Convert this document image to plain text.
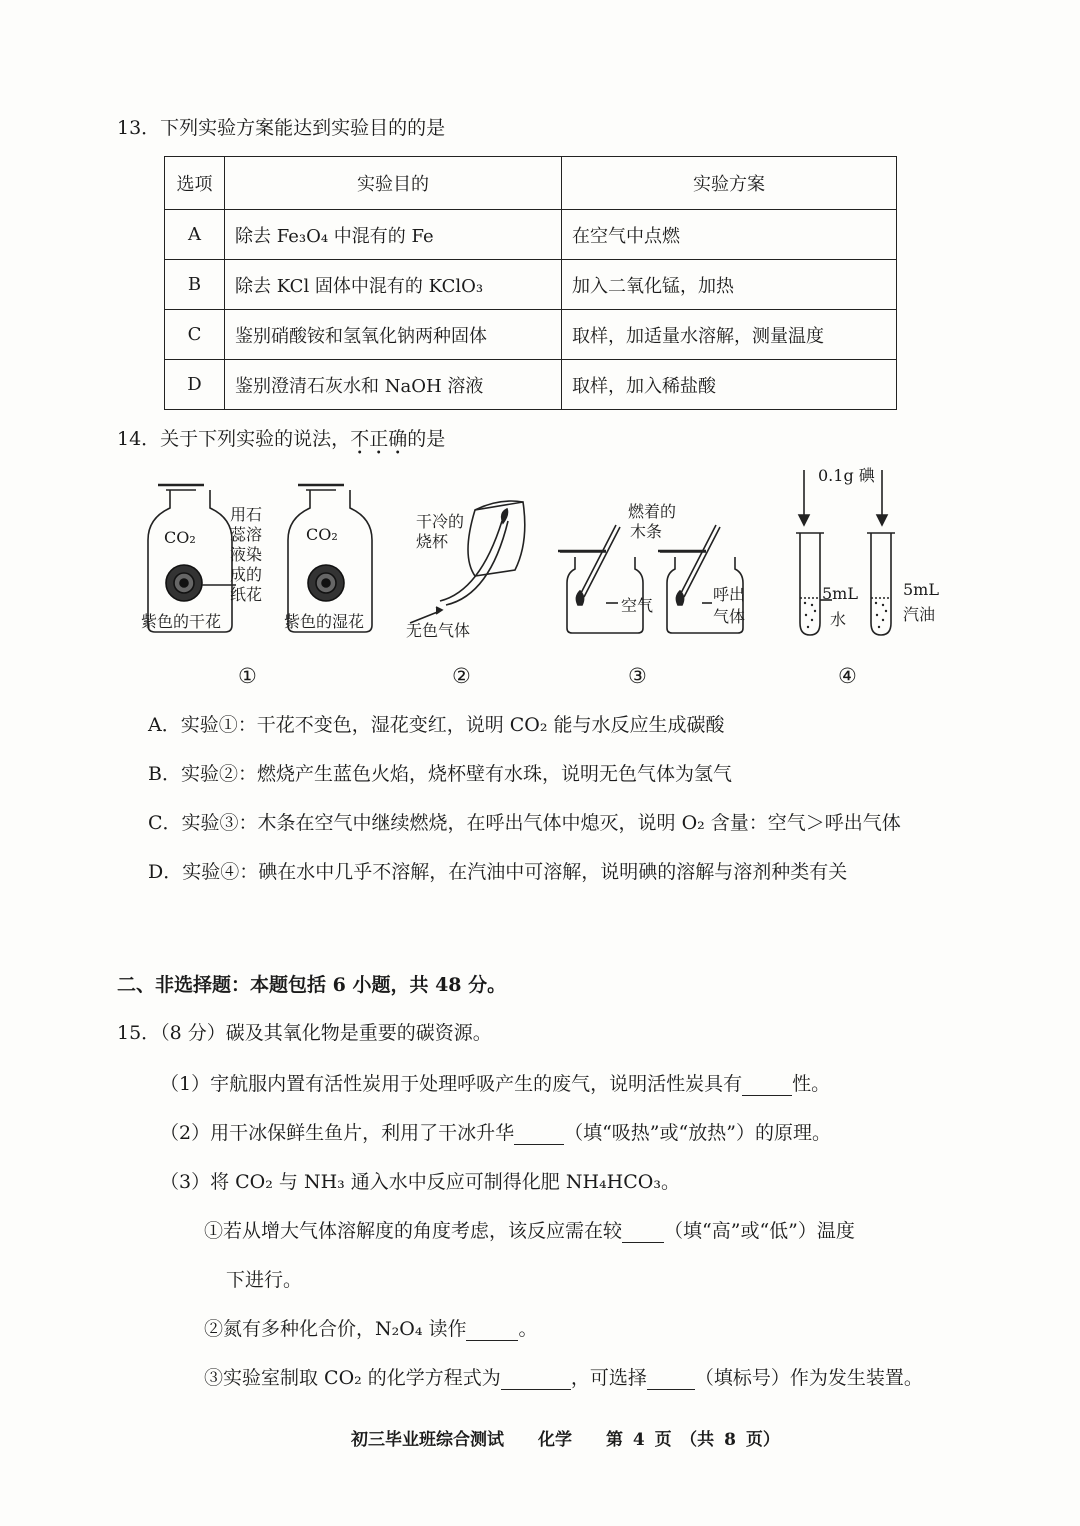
13．下列实验方案能达到实验目的的是
选项	实验目的	实验方案
A	除去 Fe₃O₄ 中混有的 Fe	在空气中点燃
B	除去 KCl 固体中混有的 KClO₃	加入二氧化锰，加热
C	鉴别硝酸铵和氢氧化钠两种固体	取样，加适量水溶解，测量温度
D	鉴别澄清石灰水和 NaOH 溶液	取样，加入稀盐酸
14．关于下列实验的说法，不正确的是
CO₂	CO₂
用石
蕊溶
液染
成的
纸花
紫色的干花	紫色的湿花
干冷的
烧杯
无色气体
燃着的
木条
空气
呼出
气体
0.1g 碘
5mL
水
5mL
汽油
①	②	③	④
A．实验①：干花不变色，湿花变红，说明 CO₂ 能与水反应生成碳酸
B．实验②：燃烧产生蓝色火焰，烧杯壁有水珠，说明无色气体为氢气
C．实验③：木条在空气中继续燃烧，在呼出气体中熄灭，说明 O₂ 含量：空气＞呼出气体
D．实验④：碘在水中几乎不溶解，在汽油中可溶解，说明碘的溶解与溶剂种类有关
二、非选择题：本题包括 6 小题，共 48 分。
15．（8 分）碳及其氧化物是重要的碳资源。
（1）宇航服内置有活性炭用于处理呼吸产生的废气，说明活性炭具有	性。
（2）用干冰保鲜生鱼片，利用了干冰升华	（填“吸热”或“放热”）的原理。
（3）将 CO₂ 与 NH₃ 通入水中反应可制得化肥 NH₄HCO₃。
①若从增大气体溶解度的角度考虑，该反应需在较 （填“高”或“低”）温度
下进行。
②氮有多种化合价，N₂O₄ 读作	。
③实验室制取 CO₂ 的化学方程式为	，可选择	（填标号）作为发生装置。
初三毕业班综合测试　　化学　　第 4 页　（共 8 页）
